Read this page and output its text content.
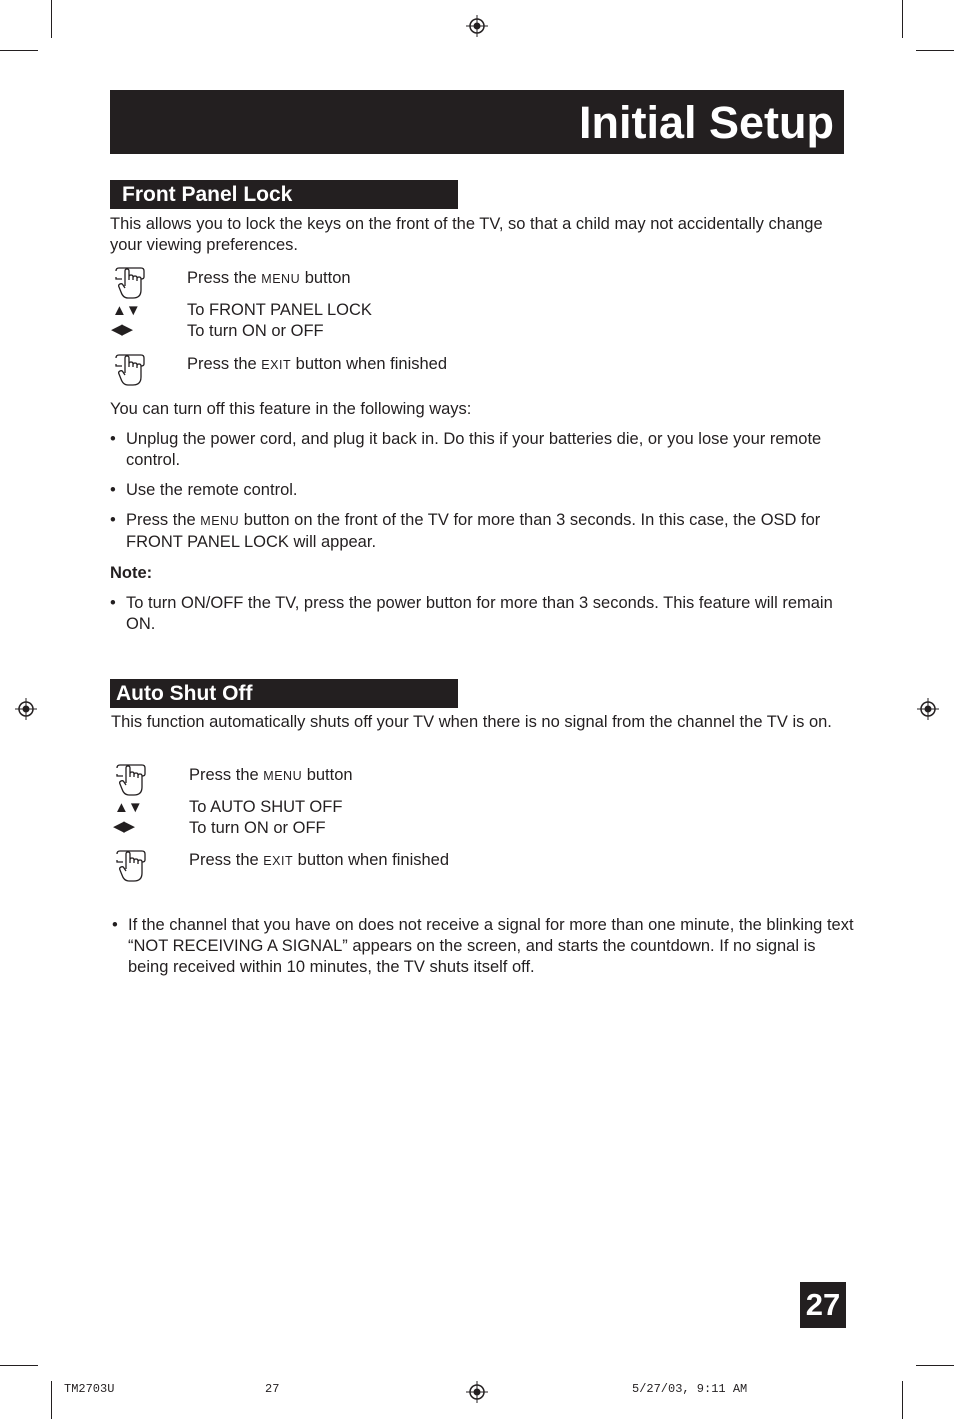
Initial Setup
Front Panel Lock
This allows you to lock the keys on the front of the TV, so that a child may not accidentally change your viewing preferences.
Press the MENU button
▲▼	To FRONT PANEL LOCK
◀▶	To turn ON or OFF
Press the EXIT button when finished
You can turn off this feature in the following ways:
• Unplug the power cord, and plug it back in. Do this if your batteries die, or you lose your remote control.
• Use the remote control.
• Press the MENU button on the front of the TV for more than 3 seconds. In this case, the OSD for FRONT PANEL LOCK will appear.
Note:
• To turn ON/OFF the TV, press the power button for more than 3 seconds. This feature will remain ON.
Auto Shut Off
This function automatically shuts off your TV when there is no signal from the channel the TV is on.
Press the MENU button
▲▼	To AUTO SHUT OFF
◀▶	To turn ON or OFF
Press the EXIT button when finished
• If the channel that you have on does not receive a signal for more than one minute, the blinking text “NOT RECEIVING A SIGNAL” appears on the screen, and starts the countdown. If no signal is being received within 10 minutes, the TV shuts itself off.
27
TM2703U	27	5/27/03, 9:11 AM
